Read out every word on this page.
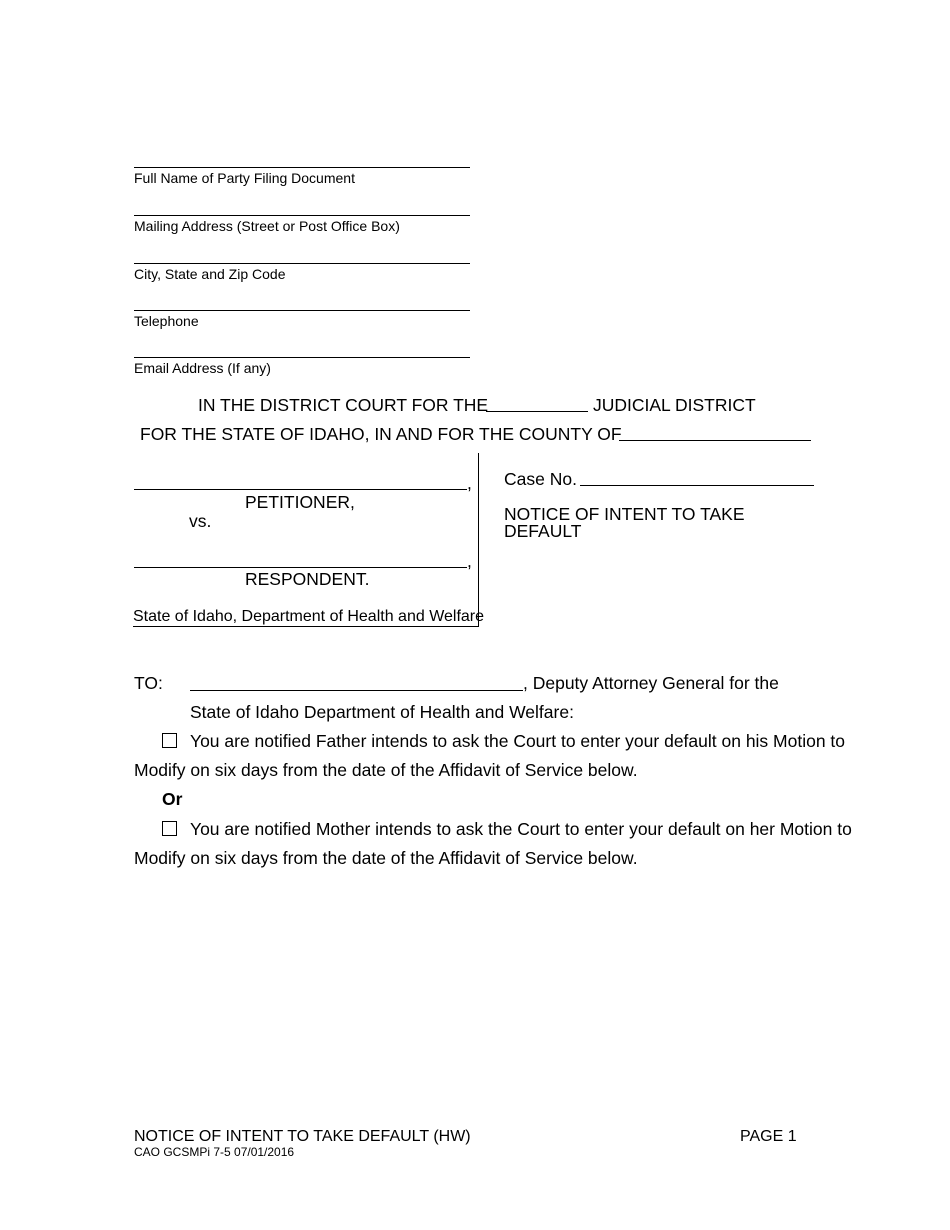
Full Name of Party Filing Document
Mailing Address (Street or Post Office Box)
City, State and Zip Code
Telephone
Email Address (If any)
IN THE DISTRICT COURT FOR THE	JUDICIAL DISTRICT
FOR THE STATE OF IDAHO, IN AND FOR THE COUNTY OF
,
PETITIONER,
vs.
,
RESPONDENT.
State of Idaho, Department of Health and Welfare
Case No.
NOTICE OF INTENT TO TAKE
DEFAULT
TO:	, Deputy Attorney General for the
State of Idaho Department of Health and Welfare:
You are notified Father intends to ask the Court to enter your default on his Motion to
Modify on six days from the date of the Affidavit of Service below.
Or
You are notified Mother intends to ask the Court to enter your default on her Motion to
Modify on six days from the date of the Affidavit of Service below.
NOTICE OF INTENT TO TAKE DEFAULT (HW)
CAO GCSMPi 7-5 07/01/2016
PAGE 1
